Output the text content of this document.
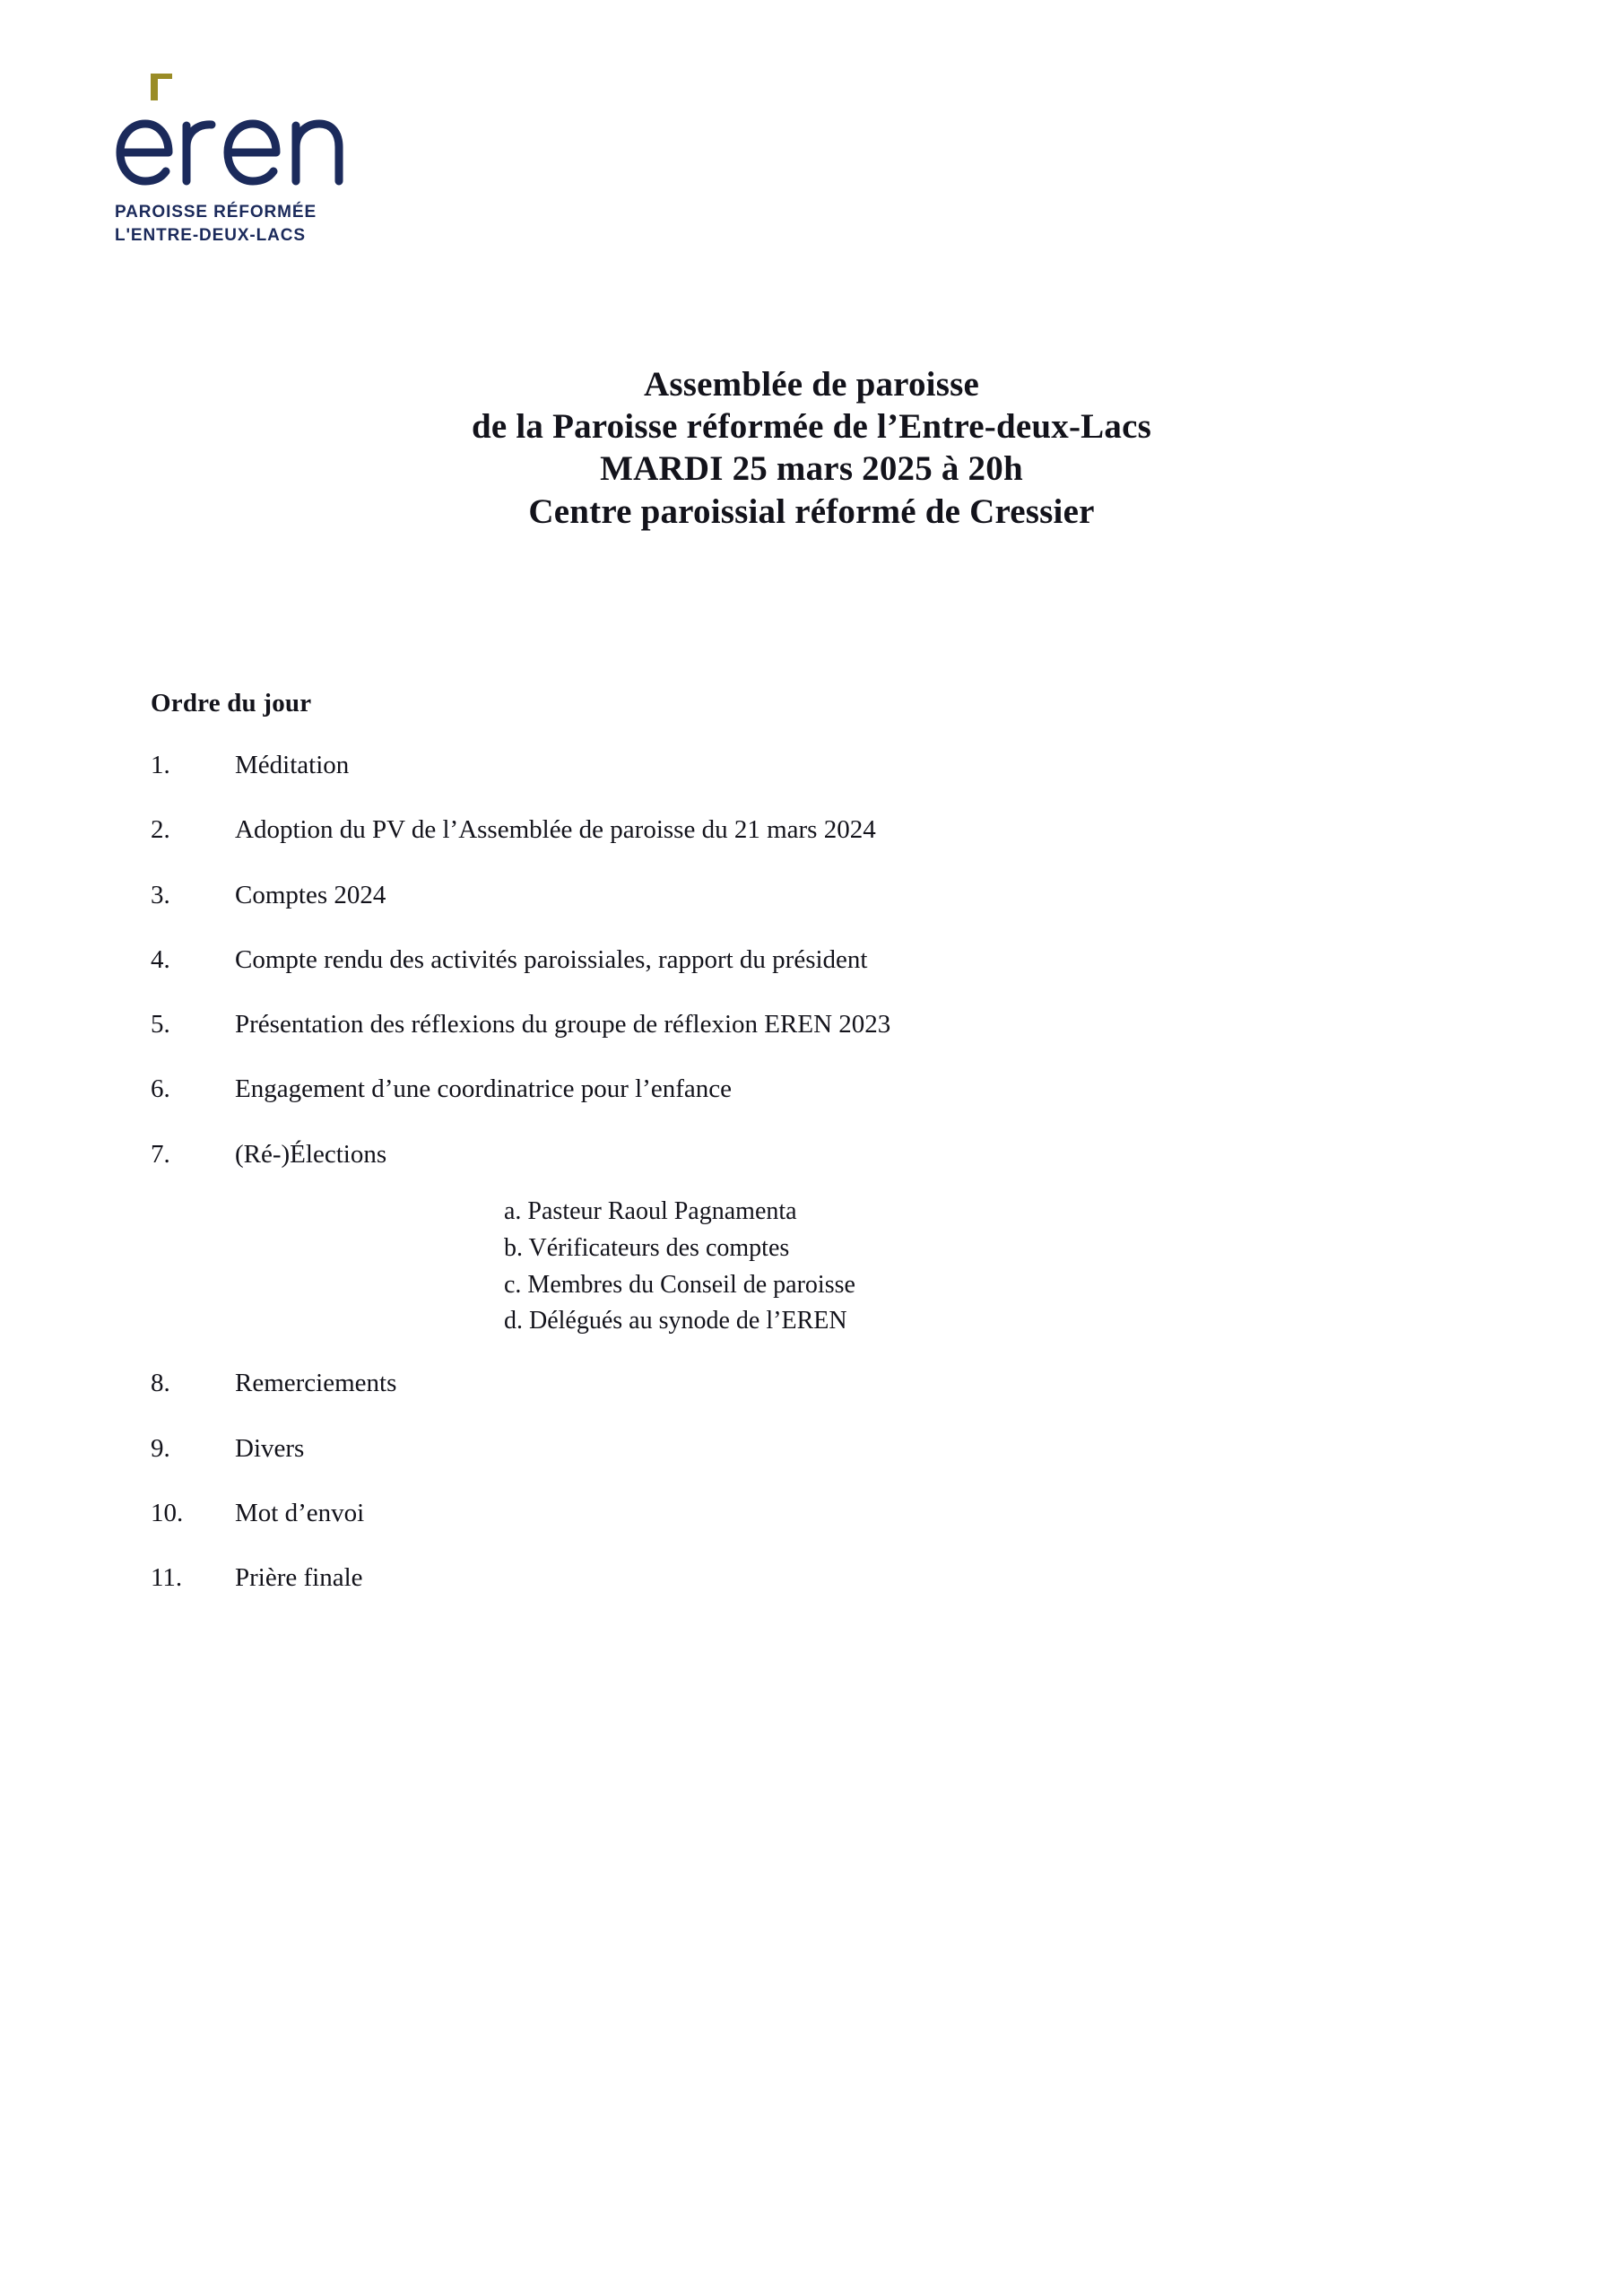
PAROISSE RÉFORMÉE
L'ENTRE-DEUX-LACS
Assemblée de paroisse
de la Paroisse réformée de l’Entre-deux-Lacs
MARDI 25 mars 2025 à 20h
Centre paroissial réformé de Cressier
Ordre du jour
1.	Méditation
2.	Adoption du PV de l’Assemblée de paroisse du 21 mars 2024
3.	Comptes 2024
4.	Compte rendu des activités paroissiales, rapport du président
5.	Présentation des réflexions du groupe de réflexion EREN 2023
6.	Engagement d’une coordinatrice pour l’enfance
7.	(Ré-)Élections
a. Pasteur Raoul Pagnamenta
b. Vérificateurs des comptes
c. Membres du Conseil de paroisse
d. Délégués au synode de l’EREN
8.	Remerciements
9.	Divers
10.	Mot d’envoi
11.	Prière finale
